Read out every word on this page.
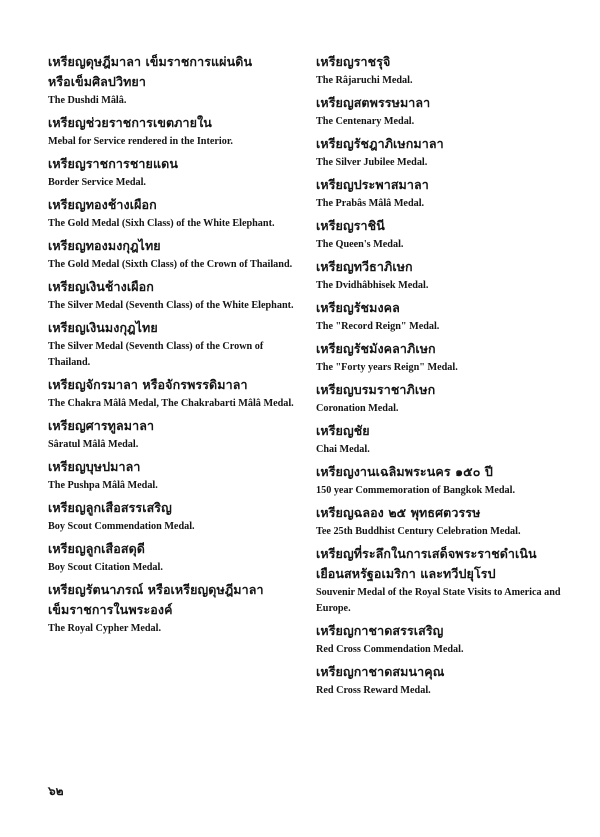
เหรียญดุษฎีมาลา เข็มราชการแผ่นดิน
หรือเข็มศิลปวิทยา
The Dushdi Mâlâ.
เหรียญช่วยราชการเขตภายใน
Mebal for Service rendered in the Interior.
เหรียญราชการชายแดน
Border Service Medal.
เหรียญทองช้างเผือก
The Gold Medal (Sixh Class) of the White Elephant.
เหรียญทองมงกุฎไทย
The Gold Medal (Sixth Class) of the Crown of Thailand.
เหรียญเงินช้างเผือก
The Silver Medal (Seventh Class) of the White Elephant.
เหรียญเงินมงกุฎไทย
The Silver Medal (Seventh Class) of the Crown of Thailand.
เหรียญจักรมาลา หรือจักรพรรดิมาลา
The Chakra Mâlâ Medal, The Chakrabarti Mâlâ Medal.
เหรียญศารทูลมาลา
Sâratul Mâlâ Medal.
เหรียญบุษปมาลา
The Pushpa Mâlâ Medal.
เหรียญลูกเสือสรรเสริญ
Boy Scout Commendation Medal.
เหรียญลูกเสือสดุดี
Boy Scout Citation Medal.
เหรียญรัตนาภรณ์ หรือเหรียญดุษฎีมาลา
เข็มราชการในพระองค์
The Royal Cypher Medal.
เหรียญราชรุจิ
The Râjaruchi Medal.
เหรียญสตพรรษมาลา
The Centenary Medal.
เหรียญรัชฎาภิเษกมาลา
The Silver Jubilee Medal.
เหรียญประพาสมาลา
The Prabâs Mâlâ Medal.
เหรียญราชินี
The Queen's Medal.
เหรียญทวีธาภิเษก
The Dvidhâbhisek Medal.
เหรียญรัชมงคล
The "Record Reign" Medal.
เหรียญรัชมังคลาภิเษก
The "Forty years Reign" Medal.
เหรียญบรมราชาภิเษก
Coronation Medal.
เหรียญชัย
Chai Medal.
เหรียญงานเฉลิมพระนคร ๑๕๐ ปี
150 year Commemoration of Bangkok Medal.
เหรียญฉลอง ๒๕ พุทธศตวรรษ
Tee 25th Buddhist Century Celebration Medal.
เหรียญที่ระลึกในการเสด็จพระราชดำเนิน
เยือนสหรัฐอเมริกา และทวีปยุโรป
Souvenir Medal of the Royal State Visits to America and Europe.
เหรียญกาชาดสรรเสริญ
Red Cross Commendation Medal.
เหรียญกาชาดสมนาคุณ
Red Cross Reward Medal.
๖๒
